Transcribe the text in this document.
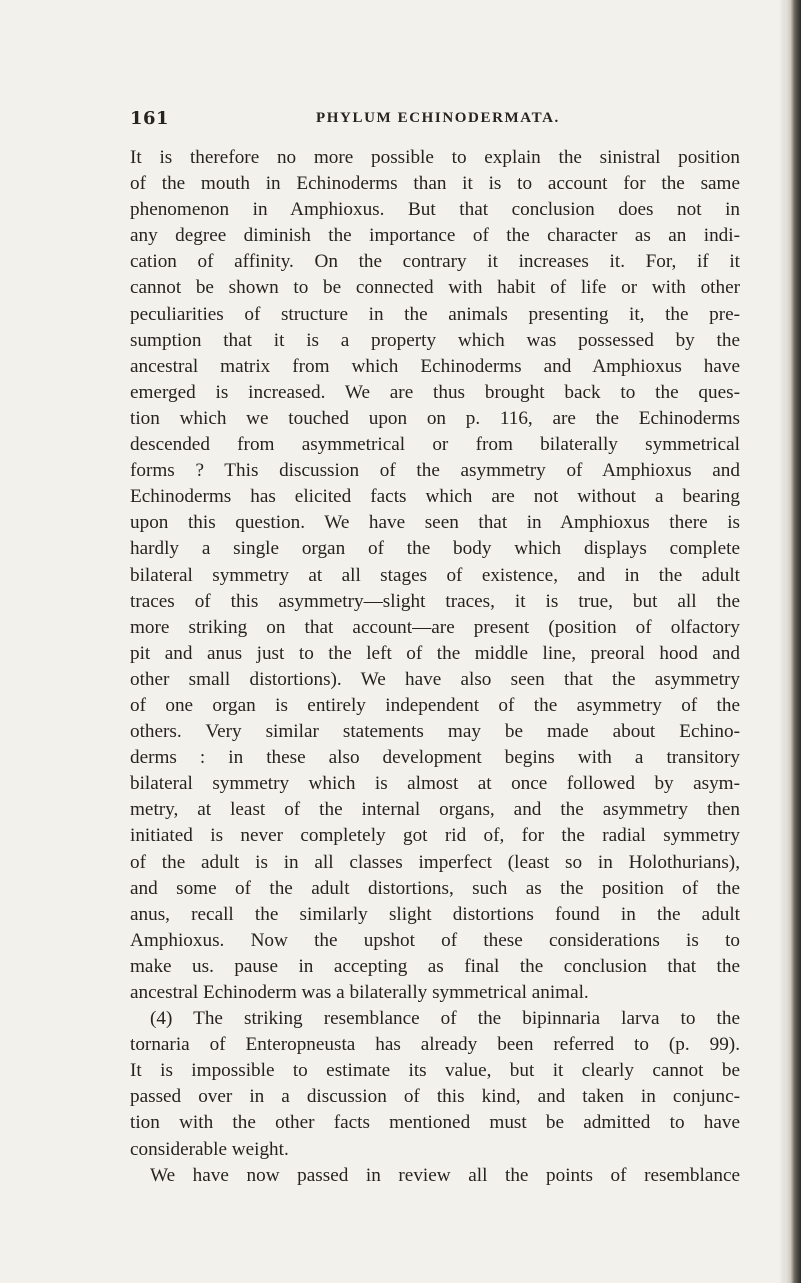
161	PHYLUM ECHINODERMATA.
It is therefore no more possible to explain the sinistral position
of the mouth in Echinoderms than it is to account for the same
phenomenon in Amphioxus. But that conclusion does not in
any degree diminish the importance of the character as an indi-
cation of affinity. On the contrary it increases it. For, if it
cannot be shown to be connected with habit of life or with other
peculiarities of structure in the animals presenting it, the pre-
sumption that it is a property which was possessed by the
ancestral matrix from which Echinoderms and Amphioxus have
emerged is increased. We are thus brought back to the ques-
tion which we touched upon on p. 116, are the Echinoderms
descended from asymmetrical or from bilaterally symmetrical
forms ? This discussion of the asymmetry of Amphioxus and
Echinoderms has elicited facts which are not without a bearing
upon this question. We have seen that in Amphioxus there is
hardly a single organ of the body which displays complete
bilateral symmetry at all stages of existence, and in the adult
traces of this asymmetry—slight traces, it is true, but all the
more striking on that account—are present (position of olfactory
pit and anus just to the left of the middle line, preoral hood and
other small distortions). We have also seen that the asymmetry
of one organ is entirely independent of the asymmetry of the
others. Very similar statements may be made about Echino-
derms : in these also development begins with a transitory
bilateral symmetry which is almost at once followed by asym-
metry, at least of the internal organs, and the asymmetry then
initiated is never completely got rid of, for the radial symmetry
of the adult is in all classes imperfect (least so in Holothurians),
and some of the adult distortions, such as the position of the
anus, recall the similarly slight distortions found in the adult
Amphioxus. Now the upshot of these considerations is to
make us. pause in accepting as final the conclusion that the
ancestral Echinoderm was a bilaterally symmetrical animal.
(4) The striking resemblance of the bipinnaria larva to the
tornaria of Enteropneusta has already been referred to (p. 99).
It is impossible to estimate its value, but it clearly cannot be
passed over in a discussion of this kind, and taken in conjunc-
tion with the other facts mentioned must be admitted to have
considerable weight.
We have now passed in review all the points of resemblance
